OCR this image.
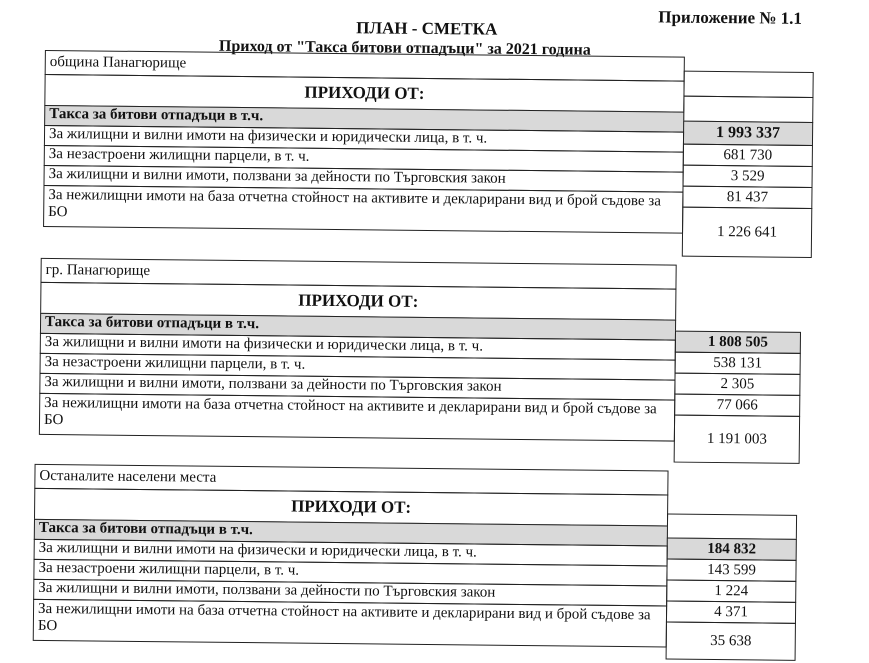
Приложение № 1.1
ПЛАН - СМЕТКА
Приход от "Такса битови отпадъци" за 2021 година
община Панагюрище
ПРИХОДИ ОТ:
Такса за битови отпадъци в т.ч.
1 993 337
За жилищни и вилни имоти на физически и юридически лица, в т. ч.
681 730
За незастроени жилищни парцели, в т. ч.
3 529
За жилищни и вилни имоти, ползвани за дейности по Търговския закон
81 437
За нежилищни имоти на база отчетна стойност на активите и декларирани вид и брой съдове за БО
1 226 641
гр. Панагюрище
ПРИХОДИ ОТ:
Такса за битови отпадъци в т.ч.
1 808 505
За жилищни и вилни имоти на физически и юридически лица, в т. ч.
538 131
За незастроени жилищни парцели, в т. ч.
2 305
За жилищни и вилни имоти, ползвани за дейности по Търговския закон
77 066
За нежилищни имоти на база отчетна стойност на активите и декларирани вид и брой съдове за БО
1 191 003
Останалите населени места
ПРИХОДИ ОТ:
Такса за битови отпадъци в т.ч.
184 832
За жилищни и вилни имоти на физически и юридически лица, в т. ч.
143 599
За незастроени жилищни парцели, в т. ч.
1 224
За жилищни и вилни имоти, ползвани за дейности по Търговския закон
4 371
За нежилищни имоти на база отчетна стойност на активите и декларирани вид и брой съдове за БО
35 638
